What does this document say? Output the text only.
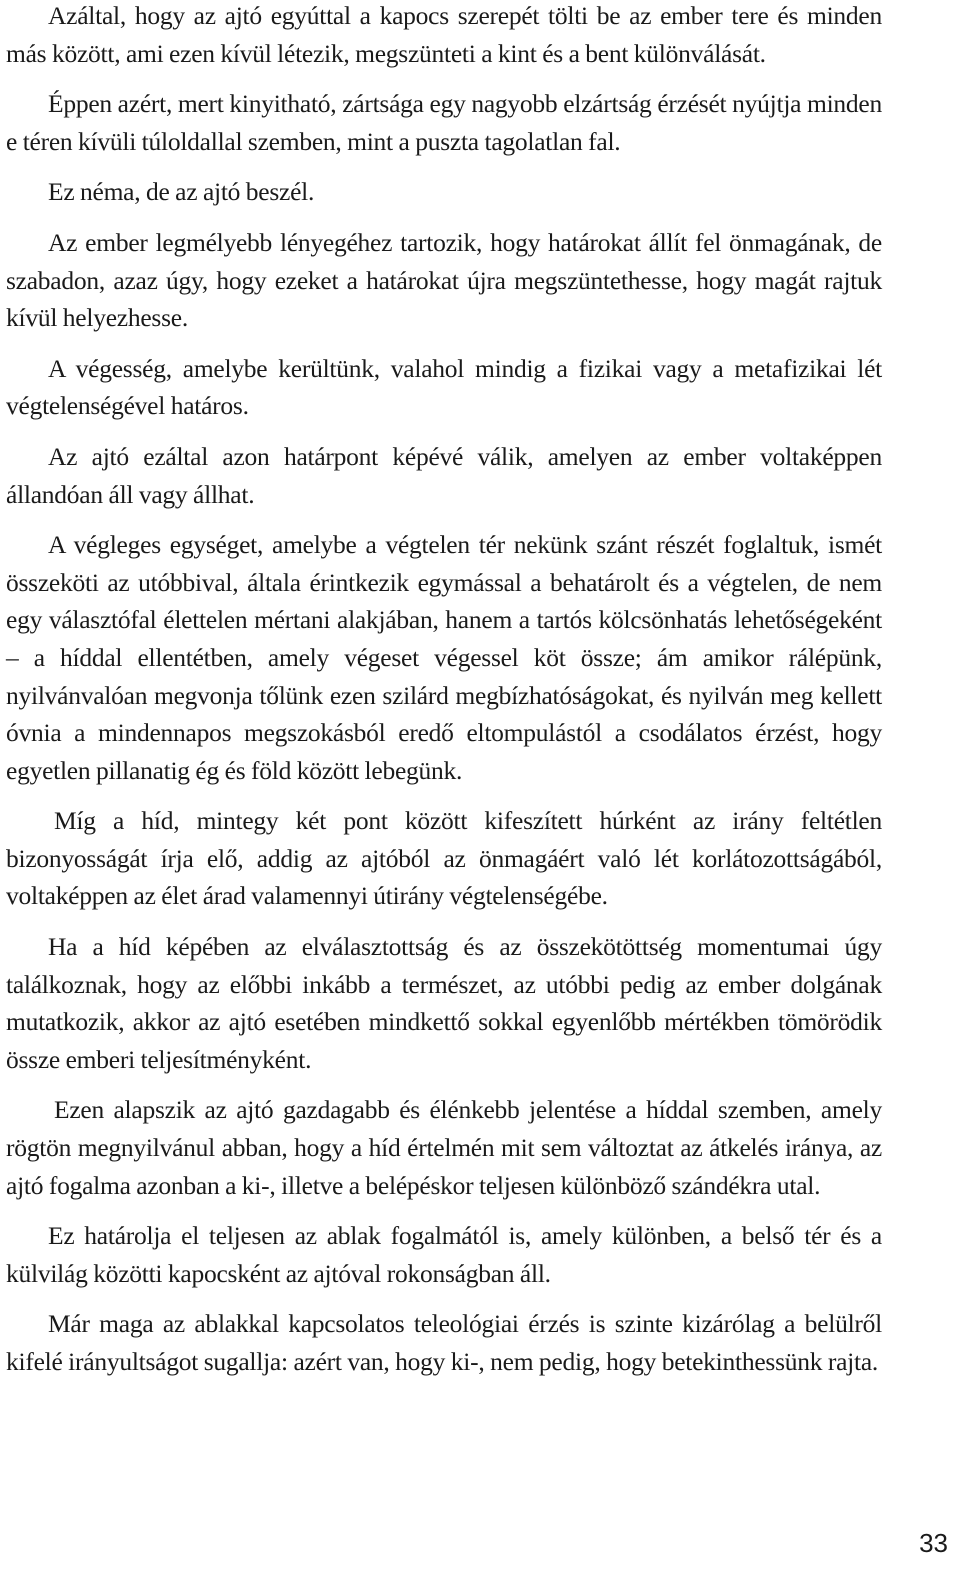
Azáltal, hogy az ajtó egyúttal a kapocs szerepét tölti be az ember tere és minden más között, ami ezen kívül létezik, megszünteti a kint és a bent különválását.

Éppen azért, mert kinyitható, zártsága egy nagyobb elzártság érzését nyújtja minden e téren kívüli túloldallal szemben, mint a puszta tagolatlan fal.

Ez néma, de az ajtó beszél.

Az ember legmélyebb lényegéhez tartozik, hogy határokat állít fel önmagának, de szabadon, azaz úgy, hogy ezeket a határokat újra megszüntethesse, hogy magát rajtuk kívül helyezhesse.

A végesség, amelybe kerültünk, valahol mindig a fizikai vagy a metafizikai lét végtelenségével határos.

Az ajtó ezáltal azon határpont képévé válik, amelyen az ember voltaképpen állandóan áll vagy állhat.

A végleges egységet, amelybe a végtelen tér nekünk szánt részét foglaltuk, ismét összeköti az utóbbival, általa érintkezik egymással a behatárolt és a végtelen, de nem egy választófal élettelen mértani alakjában, hanem a tartós kölcsönhatás lehetőségeként – a híddal ellentétben, amely végeset végessel köt össze; ám amikor rálépünk, nyilvánvalóan megvonja tőlünk ezen szilárd megbízhatóságokat, és nyilván meg kellett óvnia a mindennapos megszokásból eredő eltompulástól a csodálatos érzést, hogy egyetlen pillanatig ég és föld között lebegünk.

Míg a híd, mintegy két pont között kifeszített húrként az irány feltétlen bizonyosságát írja elő, addig az ajtóból az önmagáért való lét korlátozottságából, voltaképpen az élet árad valamennyi útirány végtelenségébe.

Ha a híd képében az elválasztottság és az összekötöttség momentumai úgy találkoznak, hogy az előbbi inkább a természet, az utóbbi pedig az ember dolgának mutatkozik, akkor az ajtó esetében mindkettő sokkal egyenlőbb mértékben tömörödik össze emberi teljesítményként.

Ezen alapszik az ajtó gazdagabb és élénkebb jelentése a híddal szemben, amely rögtön megnyilvánul abban, hogy a híd értelmén mit sem változtat az átkelés iránya, az ajtó fogalma azonban a ki-, illetve a belépéskor teljesen különböző szándékra utal.

Ez határolja el teljesen az ablak fogalmától is, amely különben, a belső tér és a külvilág közötti kapocsként az ajtóval rokonságban áll.

Már maga az ablakkal kapcsolatos teleológiai érzés is szinte kizárólag a belülről kifelé irányultságot sugallja: azért van, hogy ki-, nem pedig, hogy betekinthessünk rajta.

33
